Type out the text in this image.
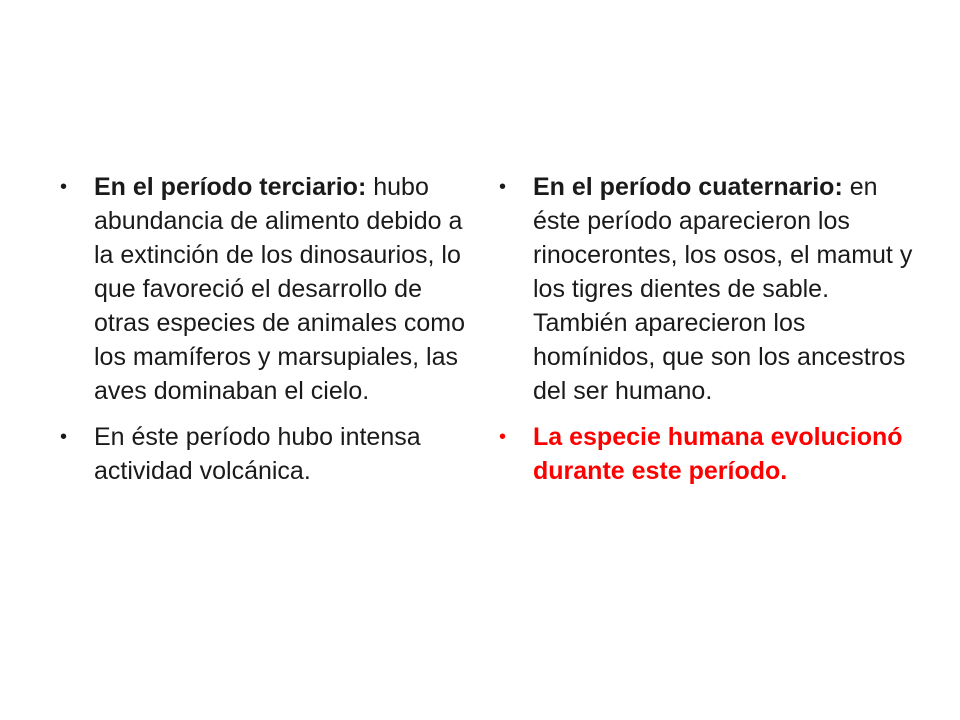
• En el período terciario: hubo abundancia de alimento debido a la extinción de los dinosaurios, lo que favoreció el desarrollo de otras especies de animales como los mamíferos y marsupiales, las aves dominaban el cielo.
• En éste período hubo intensa actividad volcánica.
• En el período cuaternario: en éste período aparecieron los rinocerontes, los osos, el mamut y los tigres dientes de sable. También aparecieron los homínidos, que son los ancestros del ser humano.
• La especie humana evolucionó durante este período.
